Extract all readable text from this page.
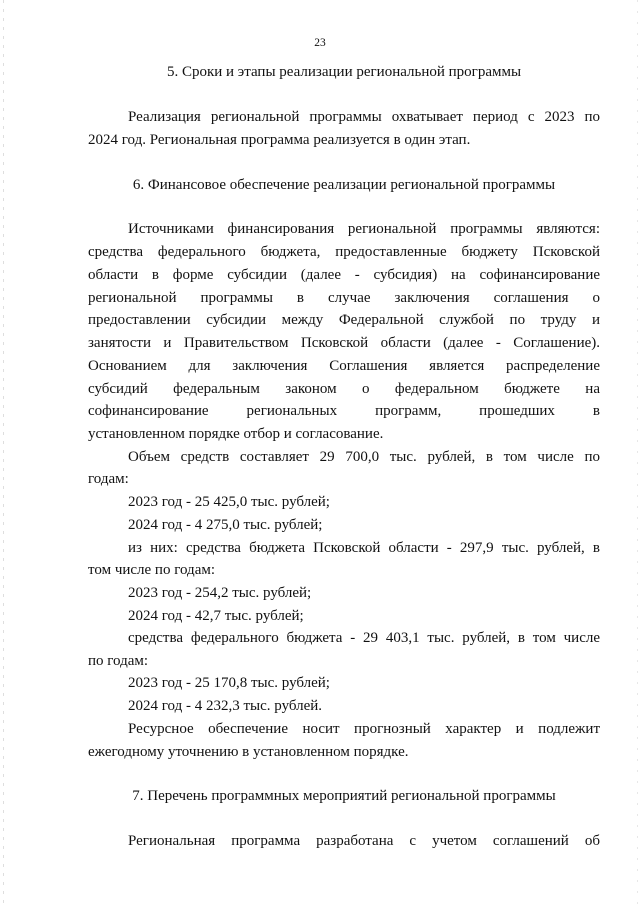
23
5. Сроки и этапы реализации региональной программы
Реализация региональной программы охватывает период с 2023 по
2024 год. Региональная программа реализуется в один этап.
6. Финансовое обеспечение реализации региональной программы
Источниками финансирования региональной программы являются:
средства федерального бюджета, предоставленные бюджету Псковской
области в форме субсидии (далее - субсидия) на софинансирование
региональной программы в случае заключения соглашения о
предоставлении субсидии между Федеральной службой по труду и
занятости и Правительством Псковской области (далее - Соглашение).
Основанием для заключения Соглашения является распределение
субсидий федеральным законом о федеральном бюджете на
софинансирование региональных программ, прошедших в
установленном порядке отбор и согласование.
Объем средств составляет 29 700,0 тыс. рублей, в том числе по
годам:
2023 год - 25 425,0 тыс. рублей;
2024 год - 4 275,0 тыс. рублей;
из них: средства бюджета Псковской области - 297,9 тыс. рублей, в
том числе по годам:
2023 год - 254,2 тыс. рублей;
2024 год - 42,7 тыс. рублей;
средства федерального бюджета - 29 403,1 тыс. рублей, в том числе
по годам:
2023 год - 25 170,8 тыс. рублей;
2024 год - 4 232,3 тыс. рублей.
Ресурсное обеспечение носит прогнозный характер и подлежит
ежегодному уточнению в установленном порядке.
7. Перечень программных мероприятий региональной программы
Региональная программа разработана с учетом соглашений об
